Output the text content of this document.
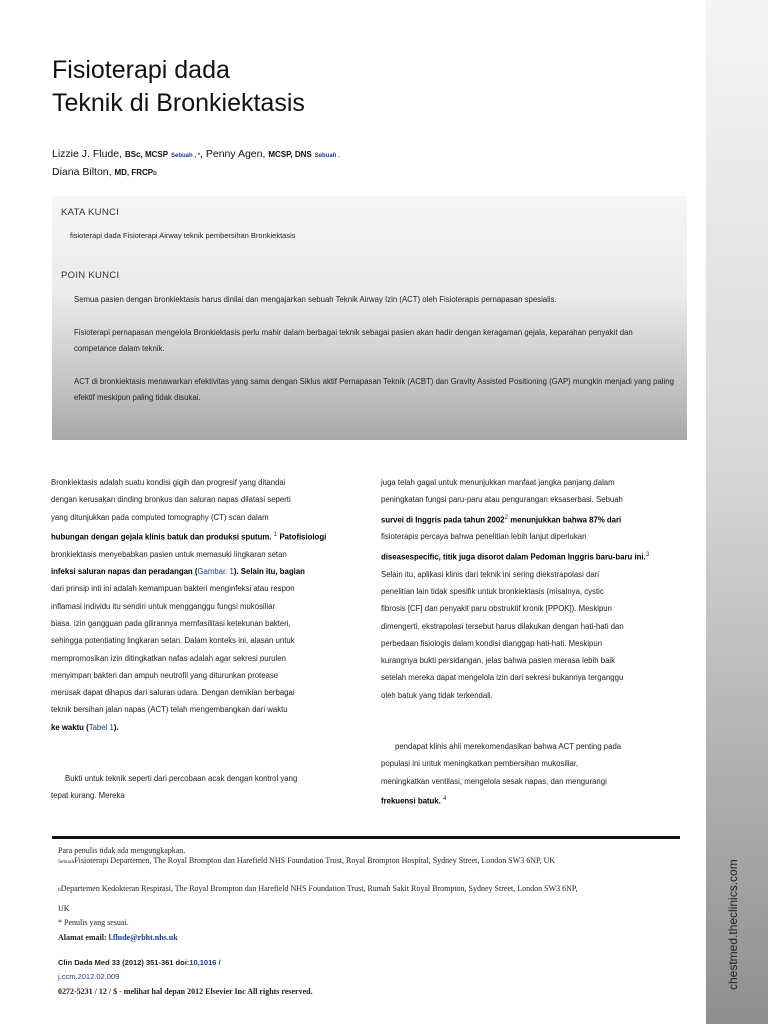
chestmed.theclinics.com
Fisioterapi dada
Teknik di Bronkiektasis
Lizzie J. Flude, BSc, MCSP Sebuah , *, Penny Agen, MCSP, DNS Sebuah .
Diana Bilton, MD, FRCPb
KATA KUNCI
fisioterapi dada Fisioterapi Airway teknik pembersihan Bronkiektasis
POIN KUNCI
Semua pasien dengan bronkiektasis harus dinilai dan mengajarkan sebuah Teknik Airway Izin (ACT) oleh Fisioterapis pernapasan spesialis.
Fisioterapi pernapasan mengelola Bronkiektasis perlu mahir dalam berbagai teknik sebagai pasien akan hadir dengan keragaman gejala, keparahan penyakit dan competance dalam teknik.
ACT di bronkiektasis menawarkan efektivitas yang sama dengan Siklus aktif Pernapasan Teknik (ACBT) dan Gravity Assisted Positioning (GAP) mungkin menjadi yang paling efektif meskipun paling tidak disukai.
Bronkiektasis adalah suatu kondisi gigih dan progresif yang ditandai
dengan kerusakan dinding bronkus dan saluran napas dilatasi seperti
yang ditunjukkan pada computed tomography (CT) scan dalam
hubungan dengan gejala klinis batuk dan produksi sputum. $^1$ Patofisiologi
bronkiektasis menyebabkan pasien untuk memasuki lingkaran setan
infeksi saluran napas dan peradangan (Gambar. 1). Selain itu, bagian
dari prinsip inti ini adalah kemampuan bakteri menginfeksi atau respon
inflamasi individu itu sendiri untuk mengganggu fungsi mukosiliar
biasa. izin gangguan pada gilirannya memfasilitasi ketekunan bakteri,
sehingga potentiating lingkaran setan. Dalam konteks ini, alasan untuk
mempromosikan izin ditingkatkan nafas adalah agar sekresi purulen
menyimpan bakteri dan ampuh neutrofil yang diturunkan protease
merusak dapat dihapus dari saluran udara. Dengan demikian berbagai
teknik bersihan jalan napas (ACT) telah mengembangkan dari waktu
ke waktu (Tabel 1).
Bukti untuk teknik seperti dari percobaan acak dengan kontrol yang
tepat kurang. Mereka
juga telah gagal untuk menunjukkan manfaat jangka panjang dalam
peningkatan fungsi paru-paru atau pengurangan eksaserbasi. Sebuah
survei di Inggris pada tahun 2002$^2$ menunjukkan bahwa 87% dari
fisioterapis percaya bahwa penelitian lebih lanjut diperlukan
diseasespecific, titik juga disorot dalam Pedoman Inggris baru-baru ini.$^3$
Selain itu, aplikasi klinis dari teknik ini sering diekstrapolasi dari
penelitian lain tidak spesifik untuk bronkiektasis (misalnya, cystic
fibrosis [CF] dan penyakit paru obstruktif kronik [PPOK]). Meskipun
dimengerti, ekstrapolasi tersebut harus dilakukan dengan hati-hati dan
perbedaan fisiologis dalam kondisi dianggap hati-hati. Meskipun
kurangnya bukti persidangan, jelas bahwa pasien merasa lebih baik
setelah mereka dapat mengelola izin dari sekresi bukannya terganggu
oleh batuk yang tidak terkendali.
pendapat klinis ahli merekomendasikan bahwa ACT penting pada
populasi ini untuk meningkatkan pembersihan mukosiliar,
meningkatkan ventilasi, mengelola sesak napas, dan mengurangi
frekuensi batuk. $^4$
Para penulis tidak ada mengungkapkan.
SebuahFisioterapi Departemen, The Royal Brompton dan Harefield NHS Foundation Trust, Royal Brompton Hospital, Sydney Street, London SW3 6NP, UK
bDepartemen Kedokteran Respirasi, The Royal Brompton dan Harefield NHS Foundation Trust, Rumah Sakit Royal Brompton, Sydney Street, London SW3 6NP,
UK
* Penulis yang sesuai.
Alamat email: l.flude@rbht.nhs.uk
Clin Dada Med 33 (2012) 351-361 doi:10,1016 /
j.ccm.2012.02.009
0272-5231 / 12 / $ - melihat hal depan 2012 Elsevier Inc All rights reserved.
